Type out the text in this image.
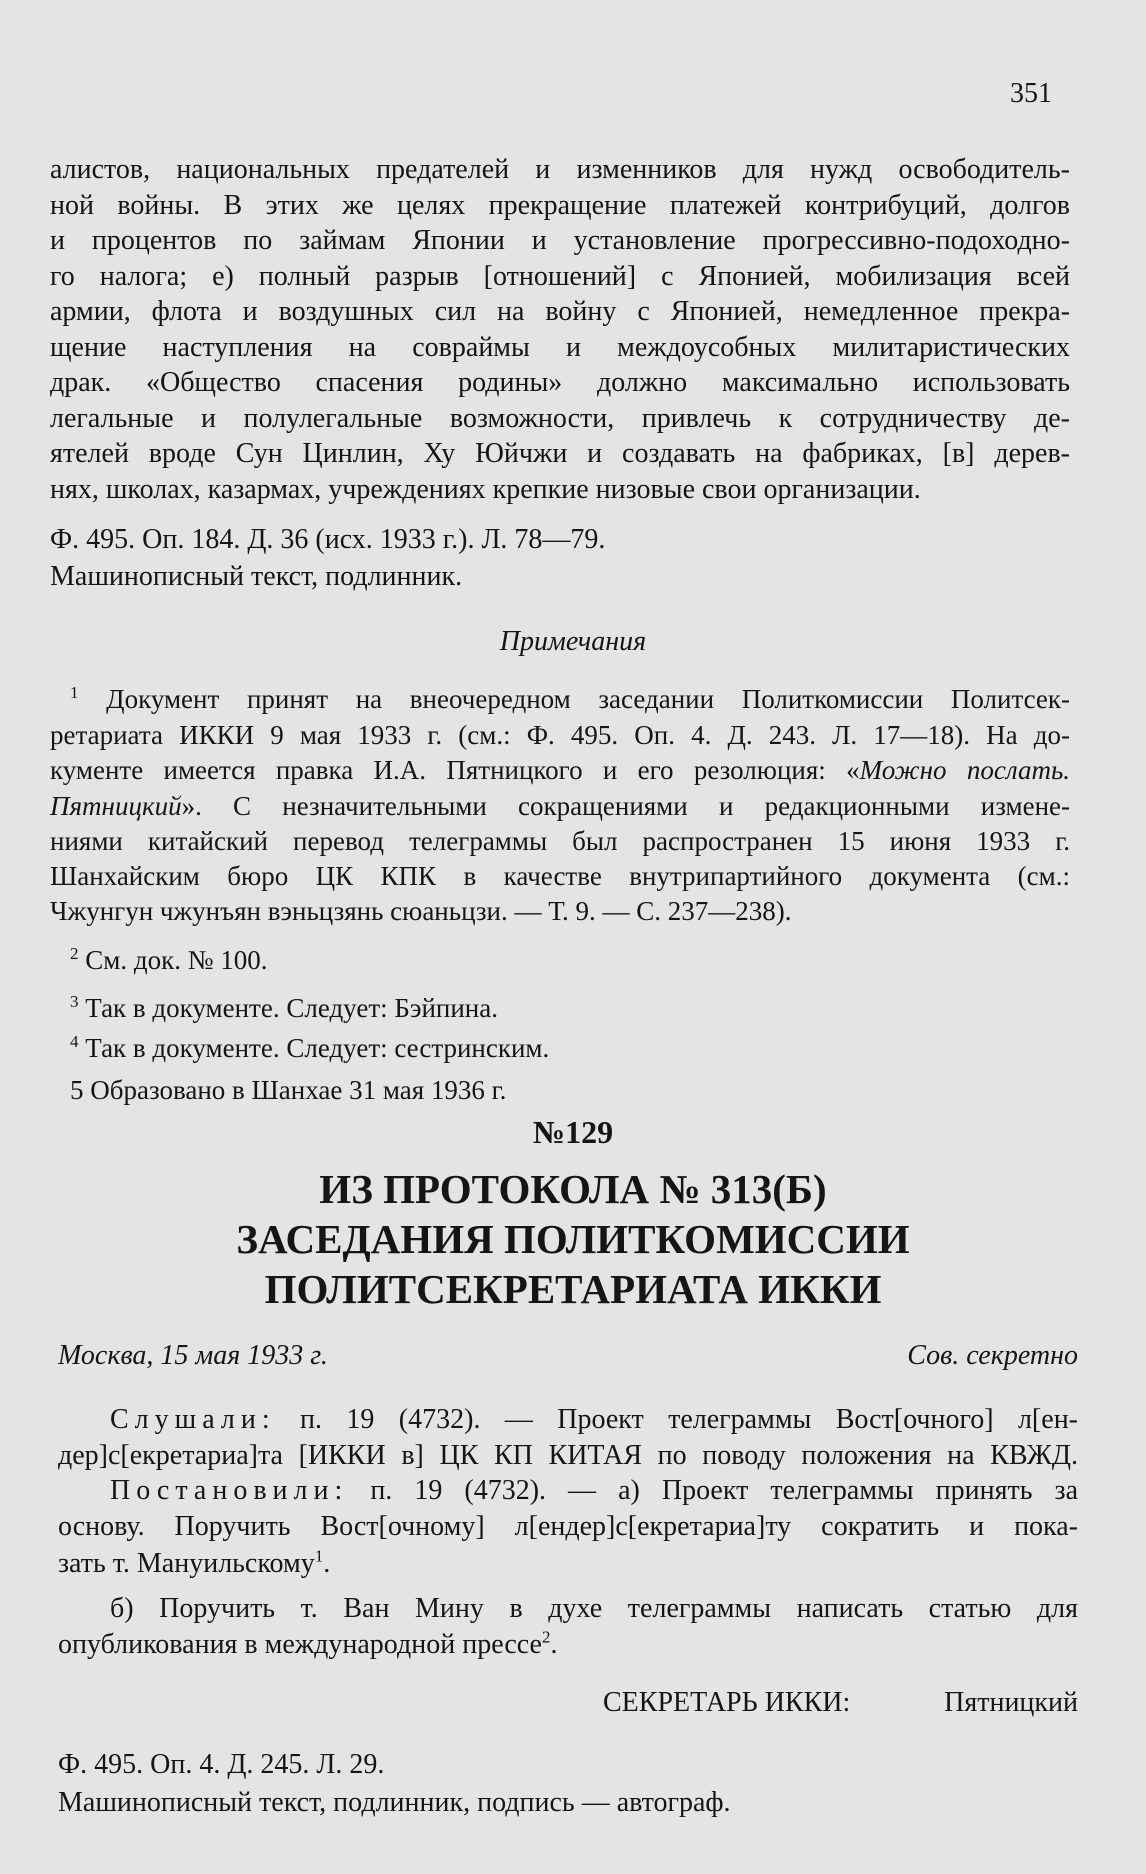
351
алистов, национальных предателей и изменников для нужд освободитель-
ной войны. В этих же целях прекращение платежей контрибуций, долгов
и процентов по займам Японии и установление прогрессивно-подоходно-
го налога; е) полный разрыв [отношений] с Японией, мобилизация всей
армии, флота и воздушных сил на войну с Японией, немедленное прекра-
щение наступления на совраймы и междоусобных милитаристических
драк. «Общество спасения родины» должно максимально использовать
легальные и полулегальные возможности, привлечь к сотрудничеству де-
ятелей вроде Сун Цинлин, Ху Юйчжи и создавать на фабриках, [в] дерев-
нях, школах, казармах, учреждениях крепкие низовые свои организации.
Ф. 495. Оп. 184. Д. 36 (исх. 1933 г.). Л. 78—79.
Машинописный текст, подлинник.
Примечания
$^1$ Документ принят на внеочередном заседании Политкомиссии Политсек-
ретариата ИККИ 9 мая 1933 г. (см.: Ф. 495. Оп. 4. Д. 243. Л. 17—18). На до-
кументе имеется правка И.А. Пятницкого и его резолюция: «Можно послать.
Пятницкий». С незначительными сокращениями и редакционными измене-
ниями китайский перевод телеграммы был распространен 15 июня 1933 г.
Шанхайским бюро ЦК КПК в качестве внутрипартийного документа (см.:
Чжунгун чжунъян вэньцзянь сюаньцзи. — Т. 9. — С. 237—238).
$^2$ См. док. № 100.
$^3$ Так в документе. Следует: Бэйпина.
$^4$ Так в документе. Следует: сестринским.
5 Образовано в Шанхае 31 мая 1936 г.
№129
ИЗ ПРОТОКОЛА № 313(Б)
ЗАСЕДАНИЯ ПОЛИТКОМИССИИ
ПОЛИТСЕКРЕТАРИАТА ИККИ
Москва, 15 мая 1933 г.	Сов. секретно
Слушали: п. 19 (4732). — Проект телеграммы Вост[очного] л[ен-
дер]с[екретариа]та [ИККИ в] ЦК КП КИТАЯ по поводу положения на КВЖД.
Постановили: п. 19 (4732). — а) Проект телеграммы принять за
основу. Поручить Вост[очному] л[ендер]с[екретариа]ту сократить и пока-
зать т. Мануильскому$^1$.
б) Поручить т. Ван Мину в духе телеграммы написать статью для
опубликования в международной прессе$^2$.
СЕКРЕТАРЬ ИККИ:	Пятницкий
Ф. 495. Оп. 4. Д. 245. Л. 29.
Машинописный текст, подлинник, подпись — автограф.
